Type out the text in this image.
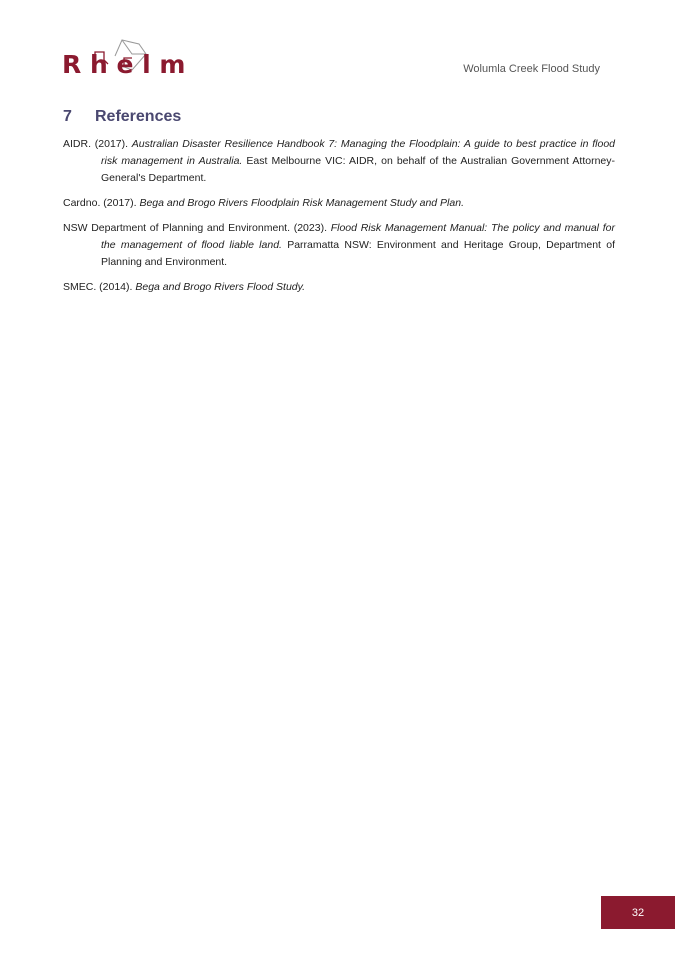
R h e l m	Wolumla Creek Flood Study
7	References

AIDR. (2017). Australian Disaster Resilience Handbook 7: Managing the Floodplain: A guide to best practice in flood risk management in Australia. East Melbourne VIC: AIDR, on behalf of the Australian Government Attorney-General's Department.

Cardno. (2017). Bega and Brogo Rivers Floodplain Risk Management Study and Plan.

NSW Department of Planning and Environment. (2023). Flood Risk Management Manual: The policy and manual for the management of flood liable land. Parramatta NSW: Environment and Heritage Group, Department of Planning and Environment.

SMEC. (2014). Bega and Brogo Rivers Flood Study.

32
